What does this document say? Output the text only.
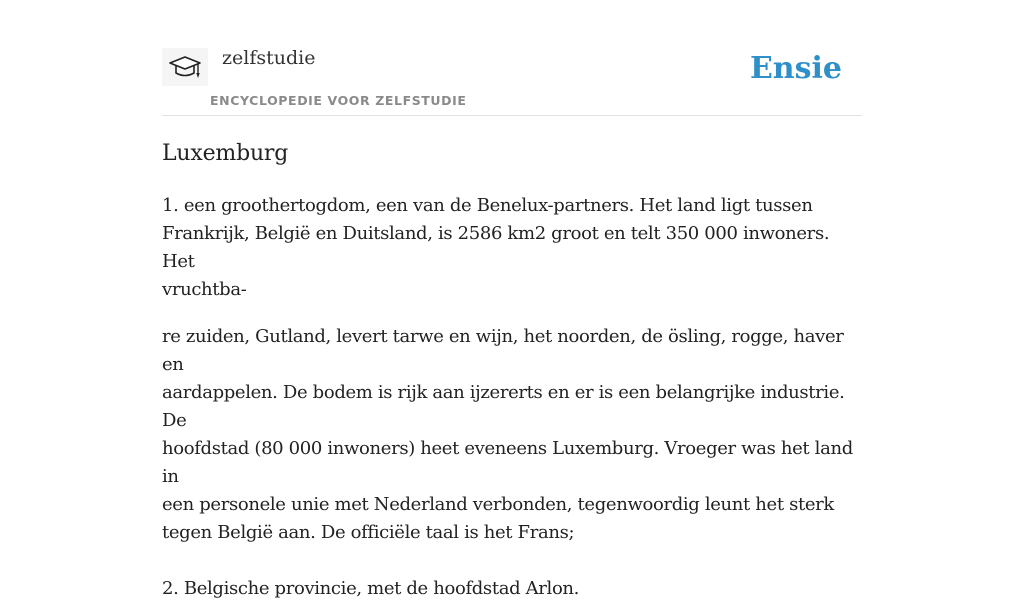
zelfstudie
ENCYCLOPEDIE VOOR ZELFSTUDIE
Ensie
Luxemburg

1. een groothertogdom, een van de Benelux-partners. Het land ligt tussen
Frankrijk, België en Duitsland, is 2586 km2 groot en telt 350 000 inwoners. Het
vruchtba-

re zuiden, Gutland, levert tarwe en wijn, het noorden, de ösling, rogge, haver en
aardappelen. De bodem is rijk aan ijzererts en er is een belangrijke industrie. De
hoofdstad (80 000 inwoners) heet eveneens Luxemburg. Vroeger was het land in
een personele unie met Nederland verbonden, tegenwoordig leunt het sterk
tegen België aan. De officiële taal is het Frans;

2. Belgische provincie, met de hoofdstad Arlon.
